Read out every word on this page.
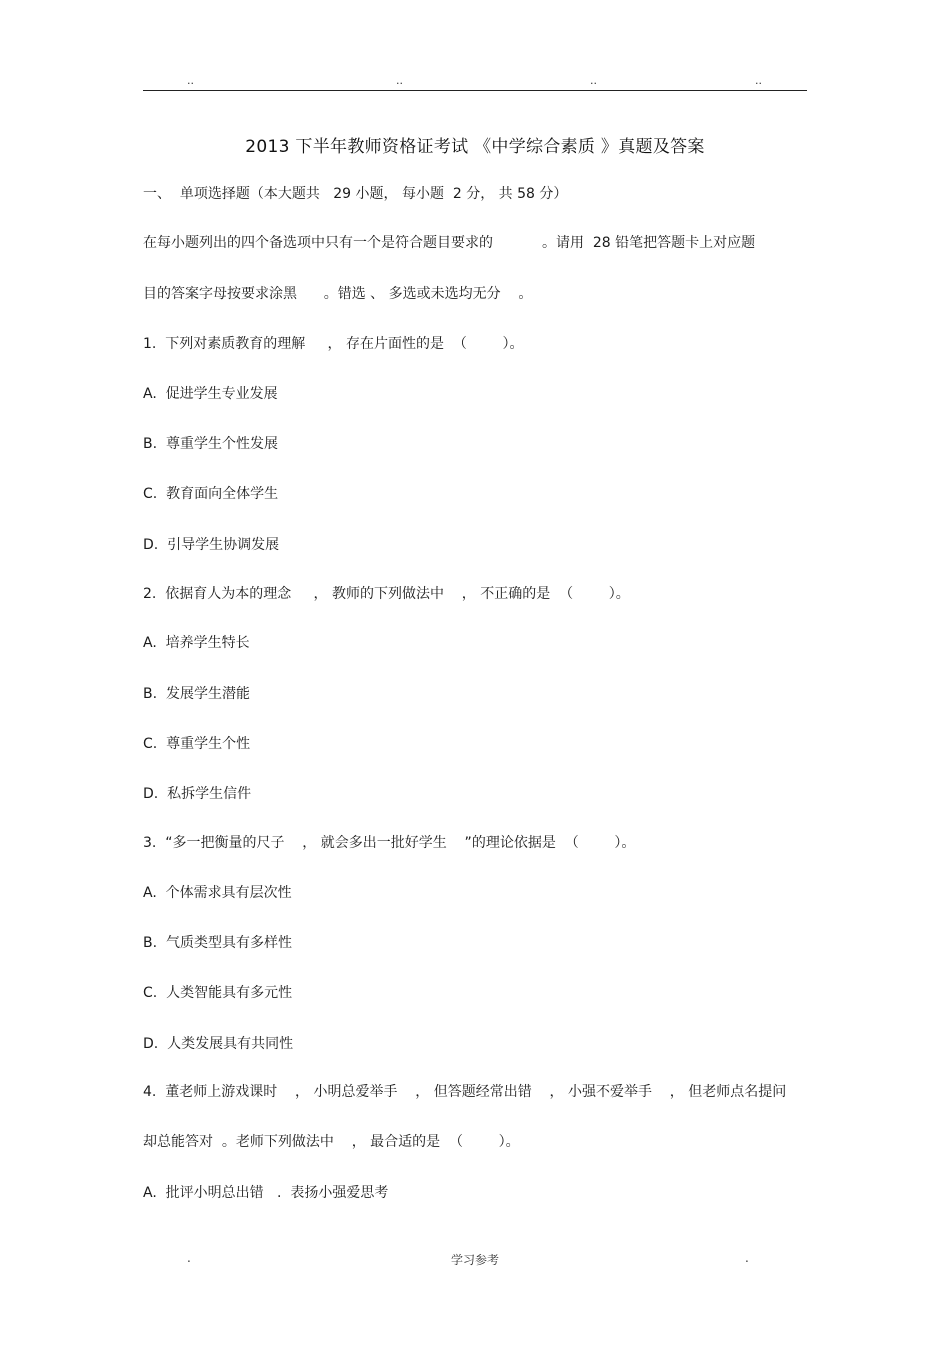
..	..	..	..
2013 下半年教师资格证考试 《中学综合素质 》真题及答案
一、  单项选择题（本大题共   29 小题， 每小题  2 分， 共 58 分）
在每小题列出的四个备选项中只有一个是符合题目要求的           。请用  28 铅笔把答题卡上对应题
目的答案字母按要求涂黑      。错选 、 多选或未选均无分    。
1.  下列对素质教育的理解     ， 存在片面性的是  （        ）。
A.  促进学生专业发展
B.  尊重学生个性发展
C.  教育面向全体学生
D.  引导学生协调发展
2.  依据育人为本的理念     ， 教师的下列做法中    ， 不正确的是  （        ）。
A.  培养学生特长
B.  发展学生潜能
C.  尊重学生个性
D.  私拆学生信件
3.  “多一把衡量的尺子    ， 就会多出一批好学生    ”的理论依据是  （        ）。
A.  个体需求具有层次性
B.  气质类型具有多样性
C.  人类智能具有多元性
D.  人类发展具有共同性
4.  董老师上游戏课时    ， 小明总爱举手    ， 但答题经常出错    ， 小强不爱举手    ， 但老师点名提问
却总能答对  。老师下列做法中    ， 最合适的是  （        ）。
A.  批评小明总出错   .  表扬小强爱思考
.	学习参考	.
